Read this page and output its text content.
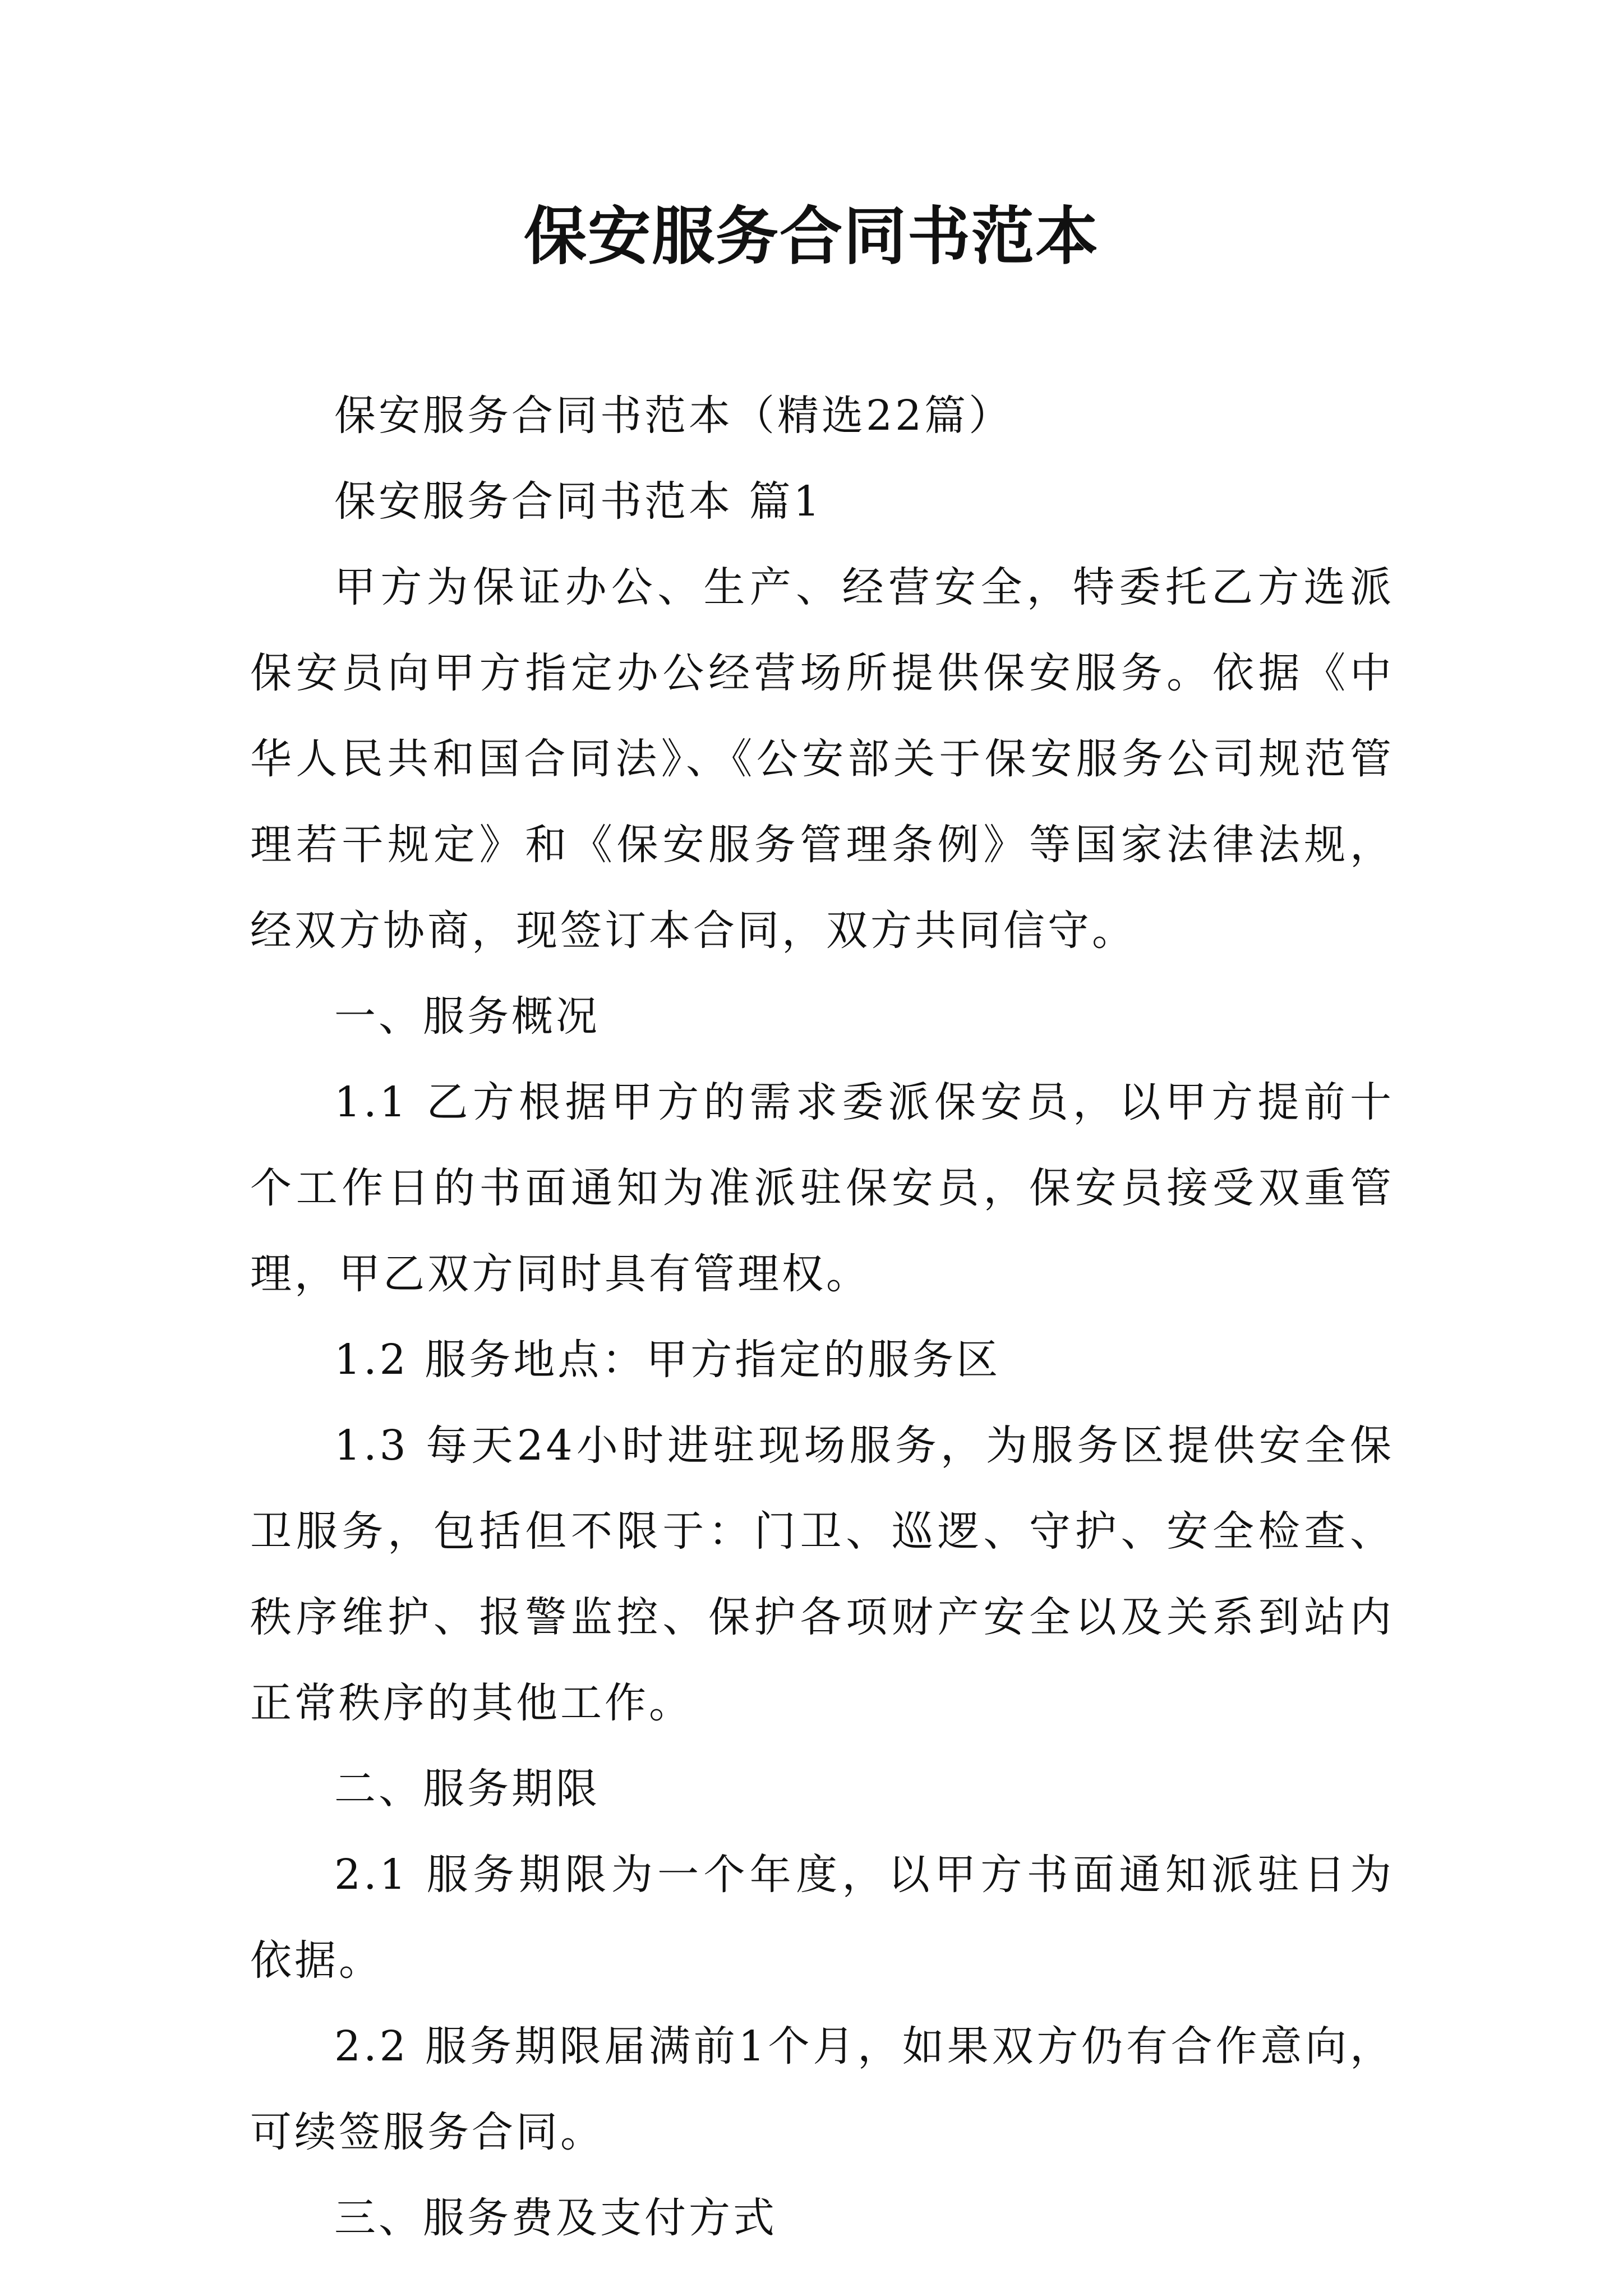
保安服务合同书范本

保安服务合同书范本（精选22篇）

保安服务合同书范本 篇1

甲方为保证办公、生产、经营安全，特委托乙方选派保安员向甲方指定办公经营场所提供保安服务。依据《中华人民共和国合同法》、《公安部关于保安服务公司规范管理若干规定》和《保安服务管理条例》等国家法律法规，经双方协商，现签订本合同，双方共同信守。

一、服务概况

1.1 乙方根据甲方的需求委派保安员，以甲方提前十个工作日的书面通知为准派驻保安员，保安员接受双重管理，甲乙双方同时具有管理权。

1.2 服务地点：甲方指定的服务区

1.3 每天24小时进驻现场服务，为服务区提供安全保卫服务，包括但不限于：门卫、巡逻、守护、安全检查、秩序维护、报警监控、保护各项财产安全以及关系到站内正常秩序的其他工作。

二、服务期限

2.1 服务期限为一个年度，以甲方书面通知派驻日为依据。

2.2 服务期限届满前1个月，如果双方仍有合作意向，可续签服务合同。

三、服务费及支付方式
